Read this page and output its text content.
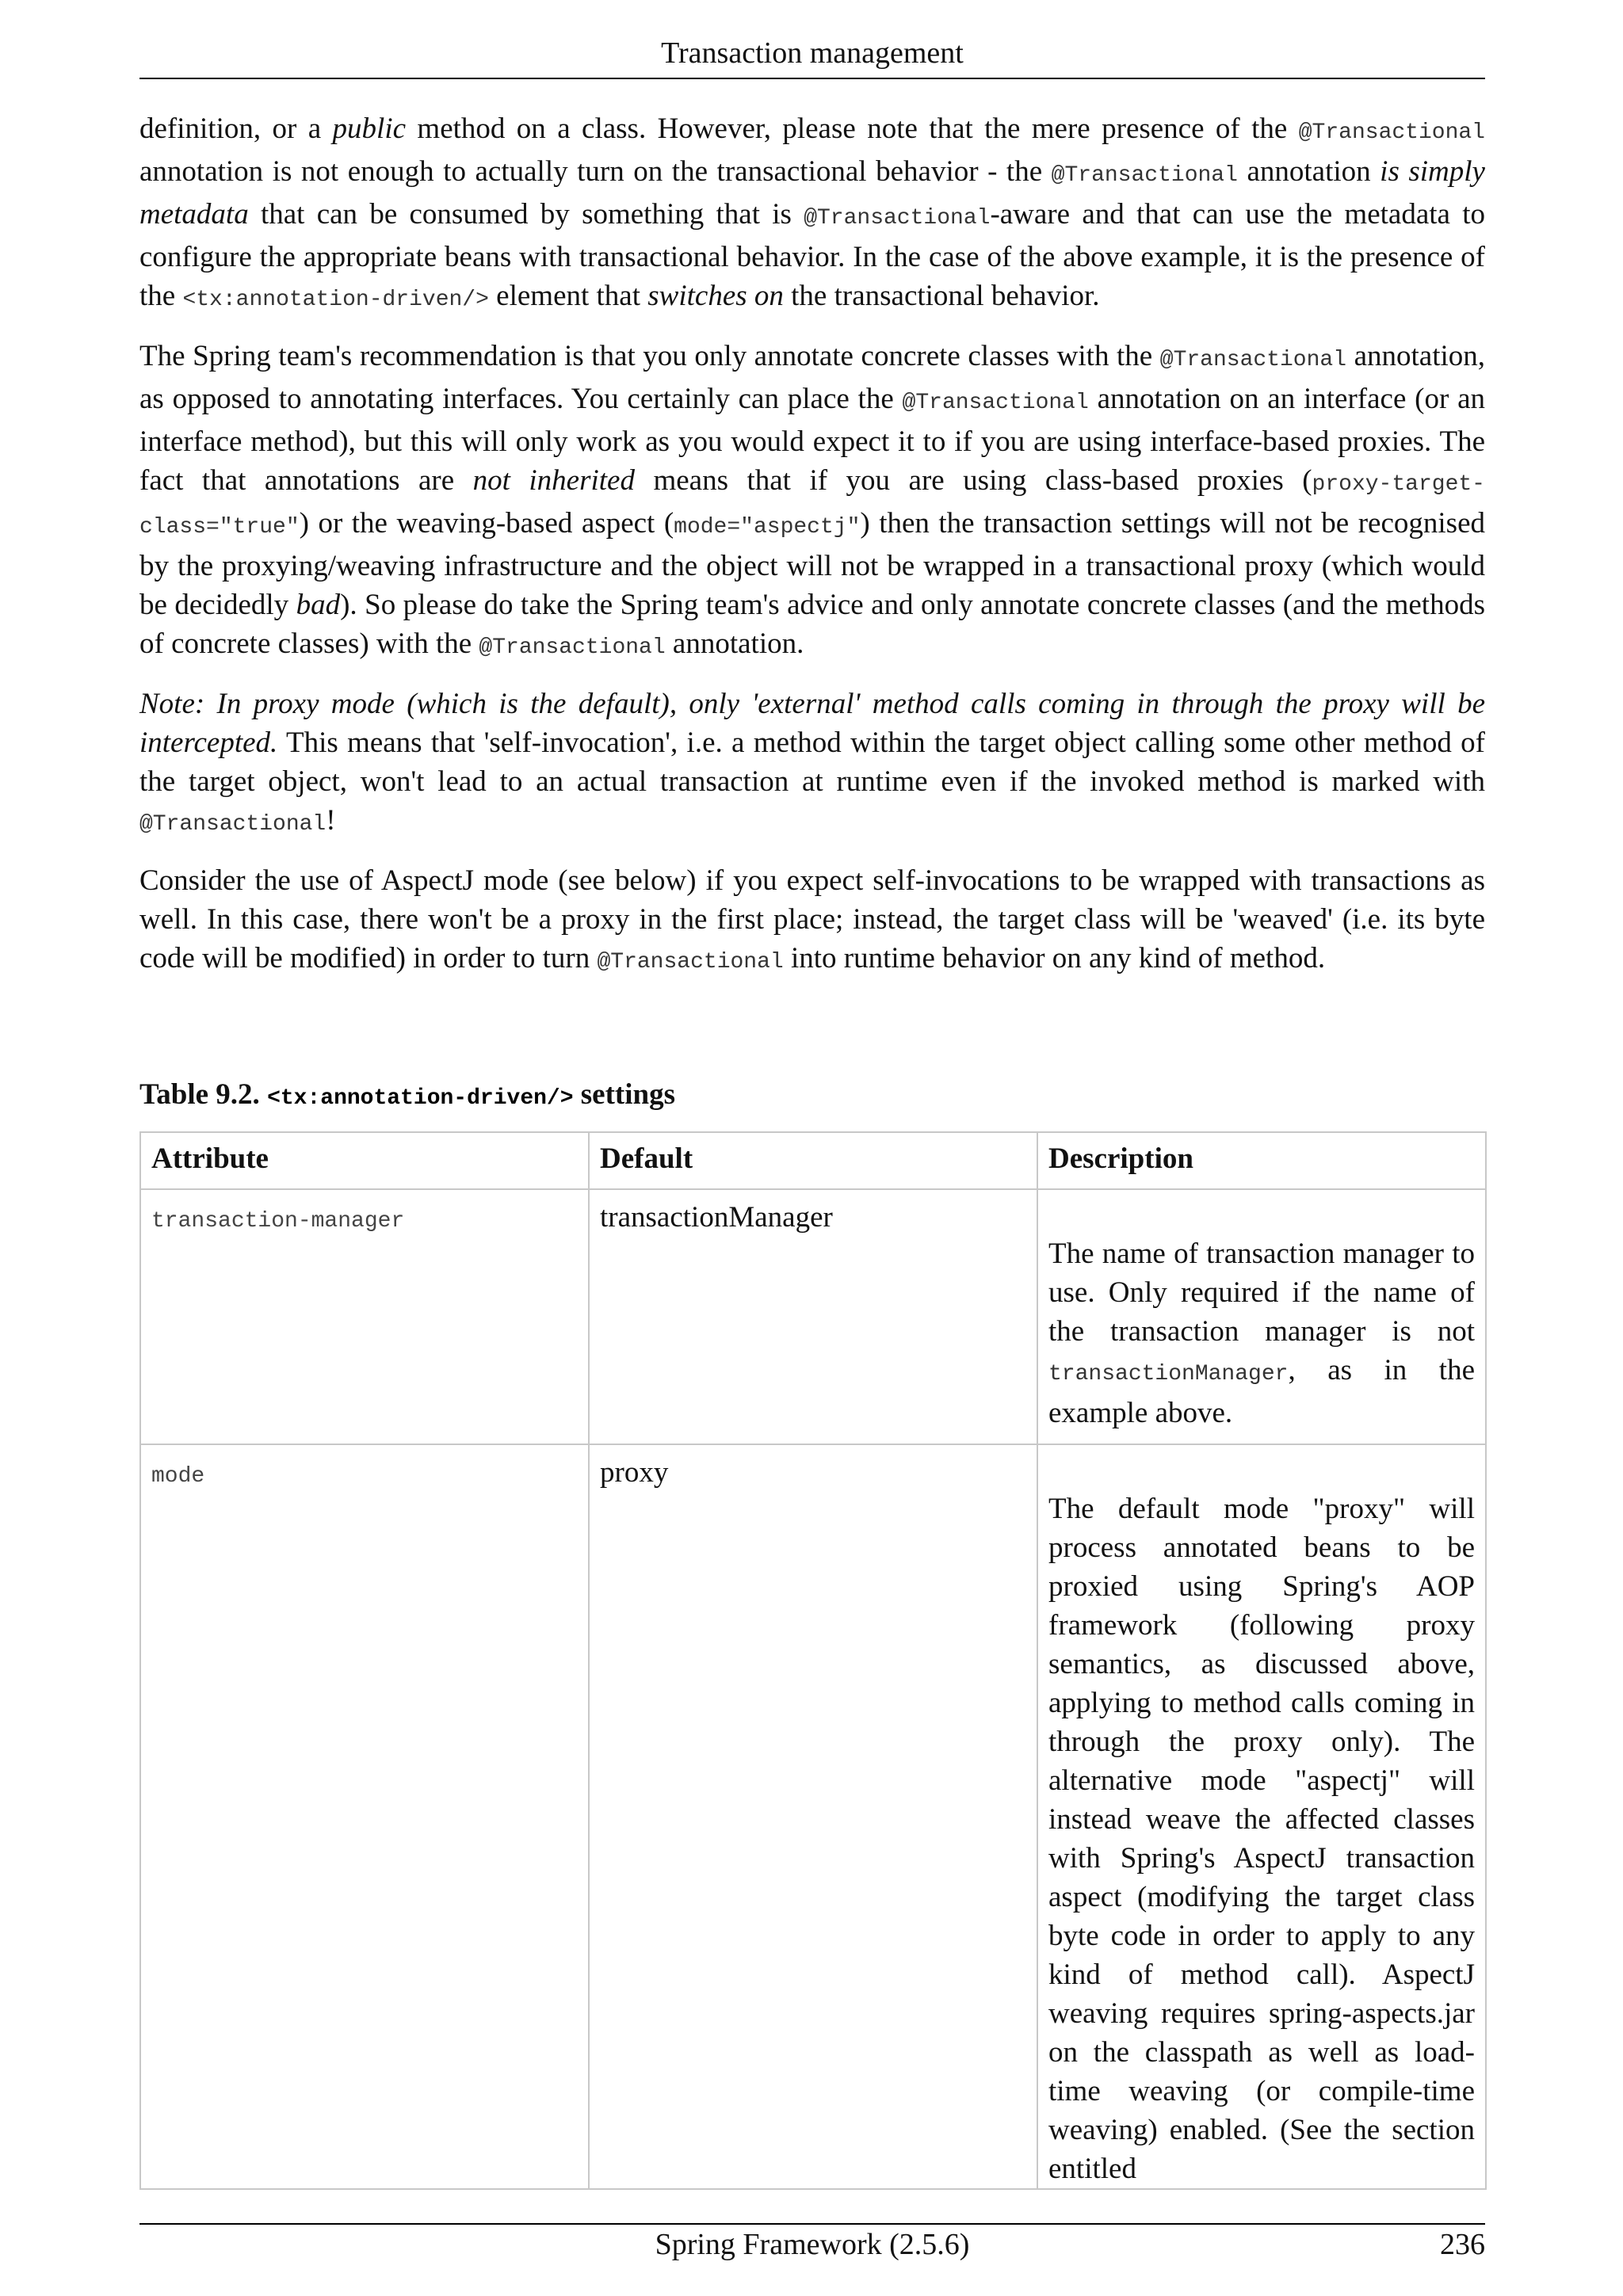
Transaction management

definition, or a public method on a class. However, please note that the mere presence of the @Transactional annotation is not enough to actually turn on the transactional behavior - the @Transactional annotation is simply metadata that can be consumed by something that is @Transactional-aware and that can use the metadata to configure the appropriate beans with transactional behavior. In the case of the above example, it is the presence of the <tx:annotation-driven/> element that switches on the transactional behavior.

The Spring team's recommendation is that you only annotate concrete classes with the @Transactional annotation, as opposed to annotating interfaces. You certainly can place the @Transactional annotation on an interface (or an interface method), but this will only work as you would expect it to if you are using interface-based proxies. The fact that annotations are not inherited means that if you are using class-based proxies (proxy-target-class="true") or the weaving-based aspect (mode="aspectj") then the transaction settings will not be recognised by the proxying/weaving infrastructure and the object will not be wrapped in a transactional proxy (which would be decidedly bad). So please do take the Spring team's advice and only annotate concrete classes (and the methods of concrete classes) with the @Transactional annotation.

Note: In proxy mode (which is the default), only 'external' method calls coming in through the proxy will be intercepted. This means that 'self-invocation', i.e. a method within the target object calling some other method of the target object, won't lead to an actual transaction at runtime even if the invoked method is marked with @Transactional!

Consider the use of AspectJ mode (see below) if you expect self-invocations to be wrapped with transactions as well. In this case, there won't be a proxy in the first place; instead, the target class will be 'weaved' (i.e. its byte code will be modified) in order to turn @Transactional into runtime behavior on any kind of method.

Table 9.2. <tx:annotation-driven/> settings
Attribute	Default	Description
transaction-manager	transactionManager	The name of transaction manager to use. Only required if the name of the transaction manager is not transactionManager, as in the example above.
mode	proxy	The default mode "proxy" will process annotated beans to be proxied using Spring's AOP framework (following proxy semantics, as discussed above, applying to method calls coming in through the proxy only). The alternative mode "aspectj" will instead weave the affected classes with Spring's AspectJ transaction aspect (modifying the target class byte code in order to apply to any kind of method call). AspectJ weaving requires spring-aspects.jar on the classpath as well as load-time weaving (or compile-time weaving) enabled. (See the section entitled
Spring Framework (2.5.6)	236
